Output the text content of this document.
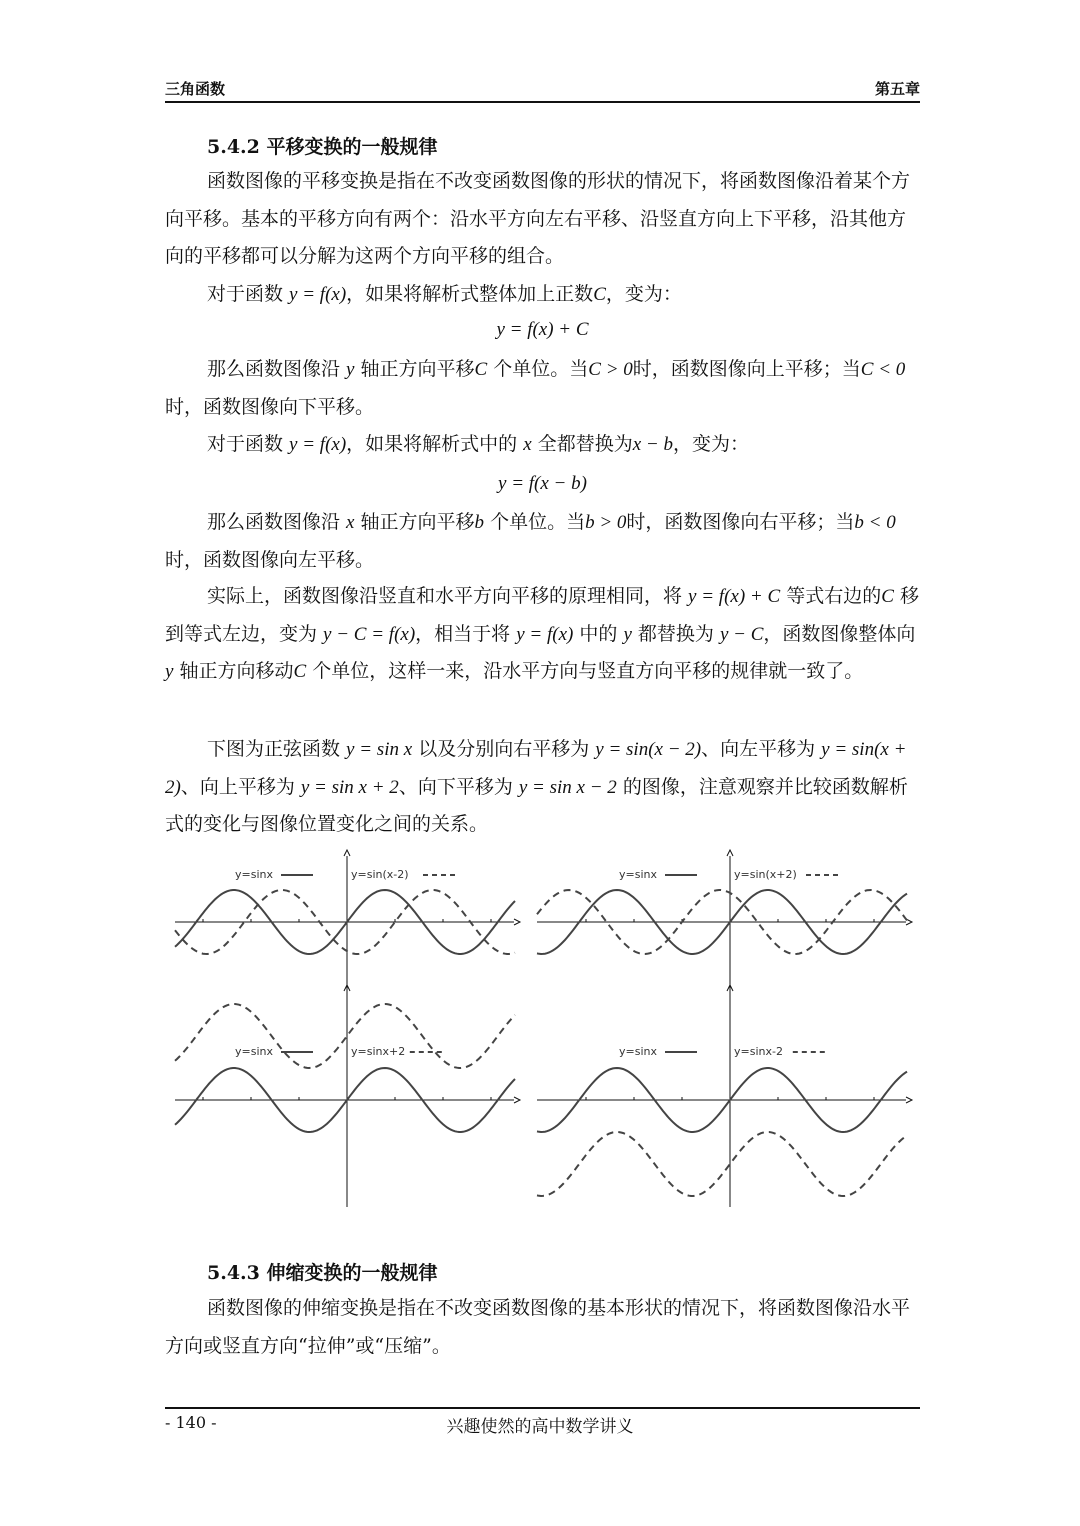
三角函数	第五章
5.4.2 平移变换的一般规律
函数图像的平移变换是指在不改变函数图像的形状的情况下，将函数图像沿着某个方向平移。基本的平移方向有两个：沿水平方向左右平移、沿竖直方向上下平移，沿其他方向的平移都可以分解为这两个方向平移的组合。
对于函数 y = f(x)，如果将解析式整体加上正数C，变为：
y = f(x) + C
那么函数图像沿 y 轴正方向平移C 个单位。当C > 0时，函数图像向上平移；当C < 0时，函数图像向下平移。
对于函数 y = f(x)，如果将解析式中的 x 全都替换为x − b，变为：
y = f(x − b)
那么函数图像沿 x 轴正方向平移b 个单位。当b > 0时，函数图像向右平移；当b < 0时，函数图像向左平移。
实际上，函数图像沿竖直和水平方向平移的原理相同，将 y = f(x) + C 等式右边的C 移到等式左边，变为 y − C = f(x)，相当于将 y = f(x) 中的 y 都替换为 y − C，函数图像整体向 y 轴正方向移动C 个单位，这样一来，沿水平方向与竖直方向平移的规律就一致了。
下图为正弦函数 y = sin x 以及分别向右平移为 y = sin(x − 2)、向左平移为 y = sin(x + 2)、向上平移为 y = sin x + 2、向下平移为 y = sin x − 2 的图像，注意观察并比较函数解析式的变化与图像位置变化之间的关系。
y=sinx	y=sin(x-2)	y=sinx	y=sin(x+2)
y=sinx	y=sinx+2	y=sinx	y=sinx-2
5.4.3 伸缩变换的一般规律
函数图像的伸缩变换是指在不改变函数图像的基本形状的情况下，将函数图像沿水平方向或竖直方向“拉伸”或“压缩”。
- 140 -	兴趣使然的高中数学讲义
